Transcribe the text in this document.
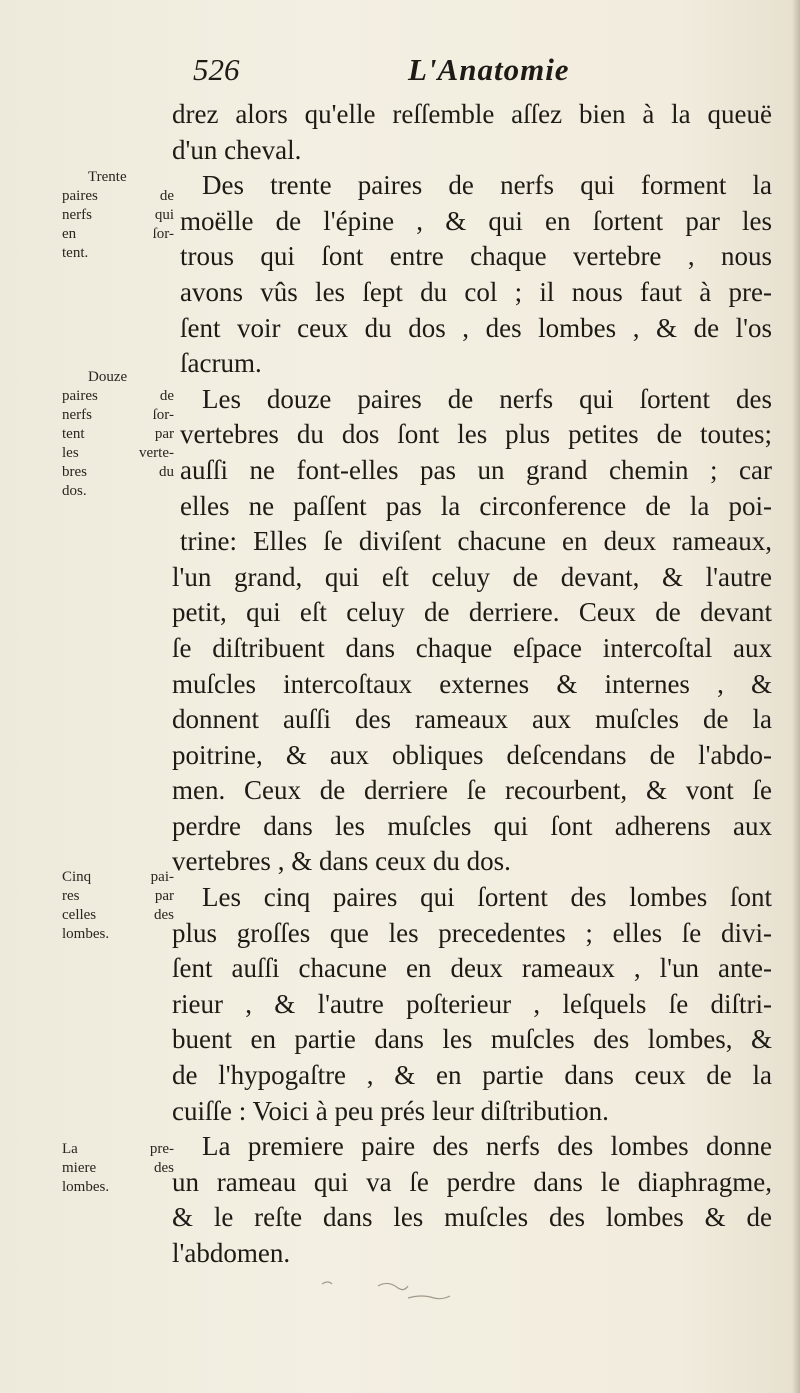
526	L'Anatomie
Trente
paires de
nerfs qui
en ſor-
tent.
Douze
paires de
nerfs ſor-
tent par
les verte-
bres du
dos.
Cinq pai-
res par
celles des
lombes.
La pre-
miere des
lombes.
drez alors qu'elle reſſemble aſſez bien à la queuë
d'un cheval.
Des trente paires de nerfs qui forment la
moëlle de l'épine , & qui en ſortent par les
trous qui ſont entre chaque vertebre , nous
avons vûs les ſept du col ; il nous faut à pre-
ſent voir ceux du dos , des lombes , & de l'os
ſacrum.
Les douze paires de nerfs qui ſortent des
vertebres du dos ſont les plus petites de toutes;
auſſi ne font-elles pas un grand chemin ; car
elles ne paſſent pas la circonference de la poi-
trine: Elles ſe diviſent chacune en deux rameaux,
l'un grand, qui eſt celuy de devant, & l'autre
petit, qui eſt celuy de derriere. Ceux de devant
ſe diſtribuent dans chaque eſpace intercoſtal aux
muſcles intercoſtaux externes & internes , &
donnent auſſi des rameaux aux muſcles de la
poitrine, & aux obliques deſcendans de l'abdo-
men. Ceux de derriere ſe recourbent, & vont ſe
perdre dans les muſcles qui ſont adherens aux
vertebres , & dans ceux du dos.
Les cinq paires qui ſortent des lombes ſont
plus groſſes que les precedentes ; elles ſe divi-
ſent auſſi chacune en deux rameaux , l'un ante-
rieur , & l'autre poſterieur , leſquels ſe diſtri-
buent en partie dans les muſcles des lombes, &
de l'hypogaſtre , & en partie dans ceux de la
cuiſſe : Voici à peu prés leur diſtribution.
La premiere paire des nerfs des lombes donne
un rameau qui va ſe perdre dans le diaphragme,
& le reſte dans les muſcles des lombes & de
l'abdomen.
